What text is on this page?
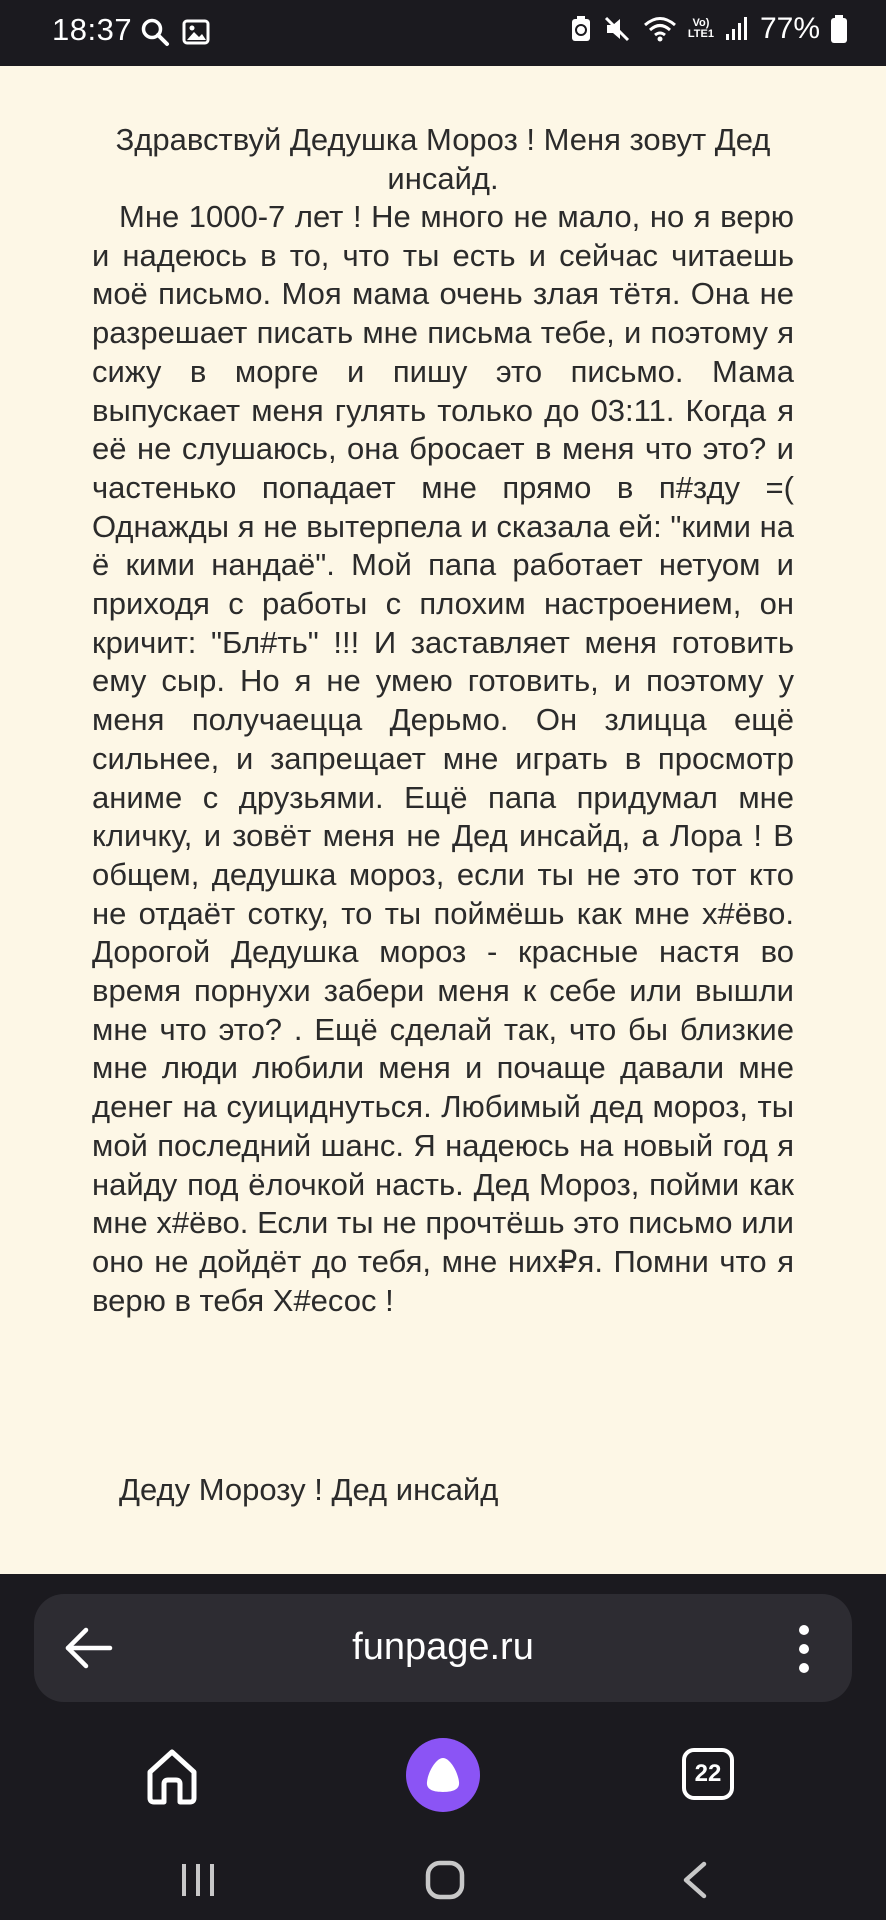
18:37	Vo)
LTE1 77%
Здравствуй Дедушка Мороз ! Меня зовут Дед инсайд.

Мне 1000-7 лет ! Не много не мало, но я верю и надеюсь в то, что ты есть и сейчас читаешь моё письмо. Моя мама очень злая тётя. Она не разрешает писать мне письма тебе, и поэтому я сижу в морге и пишу это письмо. Мама выпускает меня гулять только до 03:11. Когда я её не слушаюсь, она бросает в меня что это? и частенько попадает мне прямо в п#зду =( Однажды я не вытерпела и сказала ей: "кими на ё кими нандаё". Мой папа работает нетуом и приходя с работы с плохим настроением, он кричит: "Бл#ть" !!! И заставляет меня готовить ему сыр. Но я не умею готовить, и поэтому у меня получаецца Дерьмо. Он злицца ещё сильнее, и запрещает мне играть в просмотр аниме с друзьями. Ещё папа придумал мне кличку, и зовёт меня не Дед инсайд, а Лора ! В общем, дедушка мороз, если ты не это тот кто не отдаёт сотку, то ты поймёшь как мне х#ёво. Дорогой Дедушка мороз - красные настя во время порнухи забери меня к себе или вышли мне что это? . Ещё сделай так, что бы близкие мне люди любили меня и почаще давали мне денег на суициднуться. Любимый дед мороз, ты мой последний шанс. Я надеюсь на новый год я найду под ёлочкой насть. Дед Мороз, пойми как мне х#ёво. Если ты не прочтёшь это письмо или оно не дойдёт до тебя, мне них₽я. Помни что я верю в тебя Х#есос !

Деду Морозу ! Дед инсайд
funpage.ru
22
